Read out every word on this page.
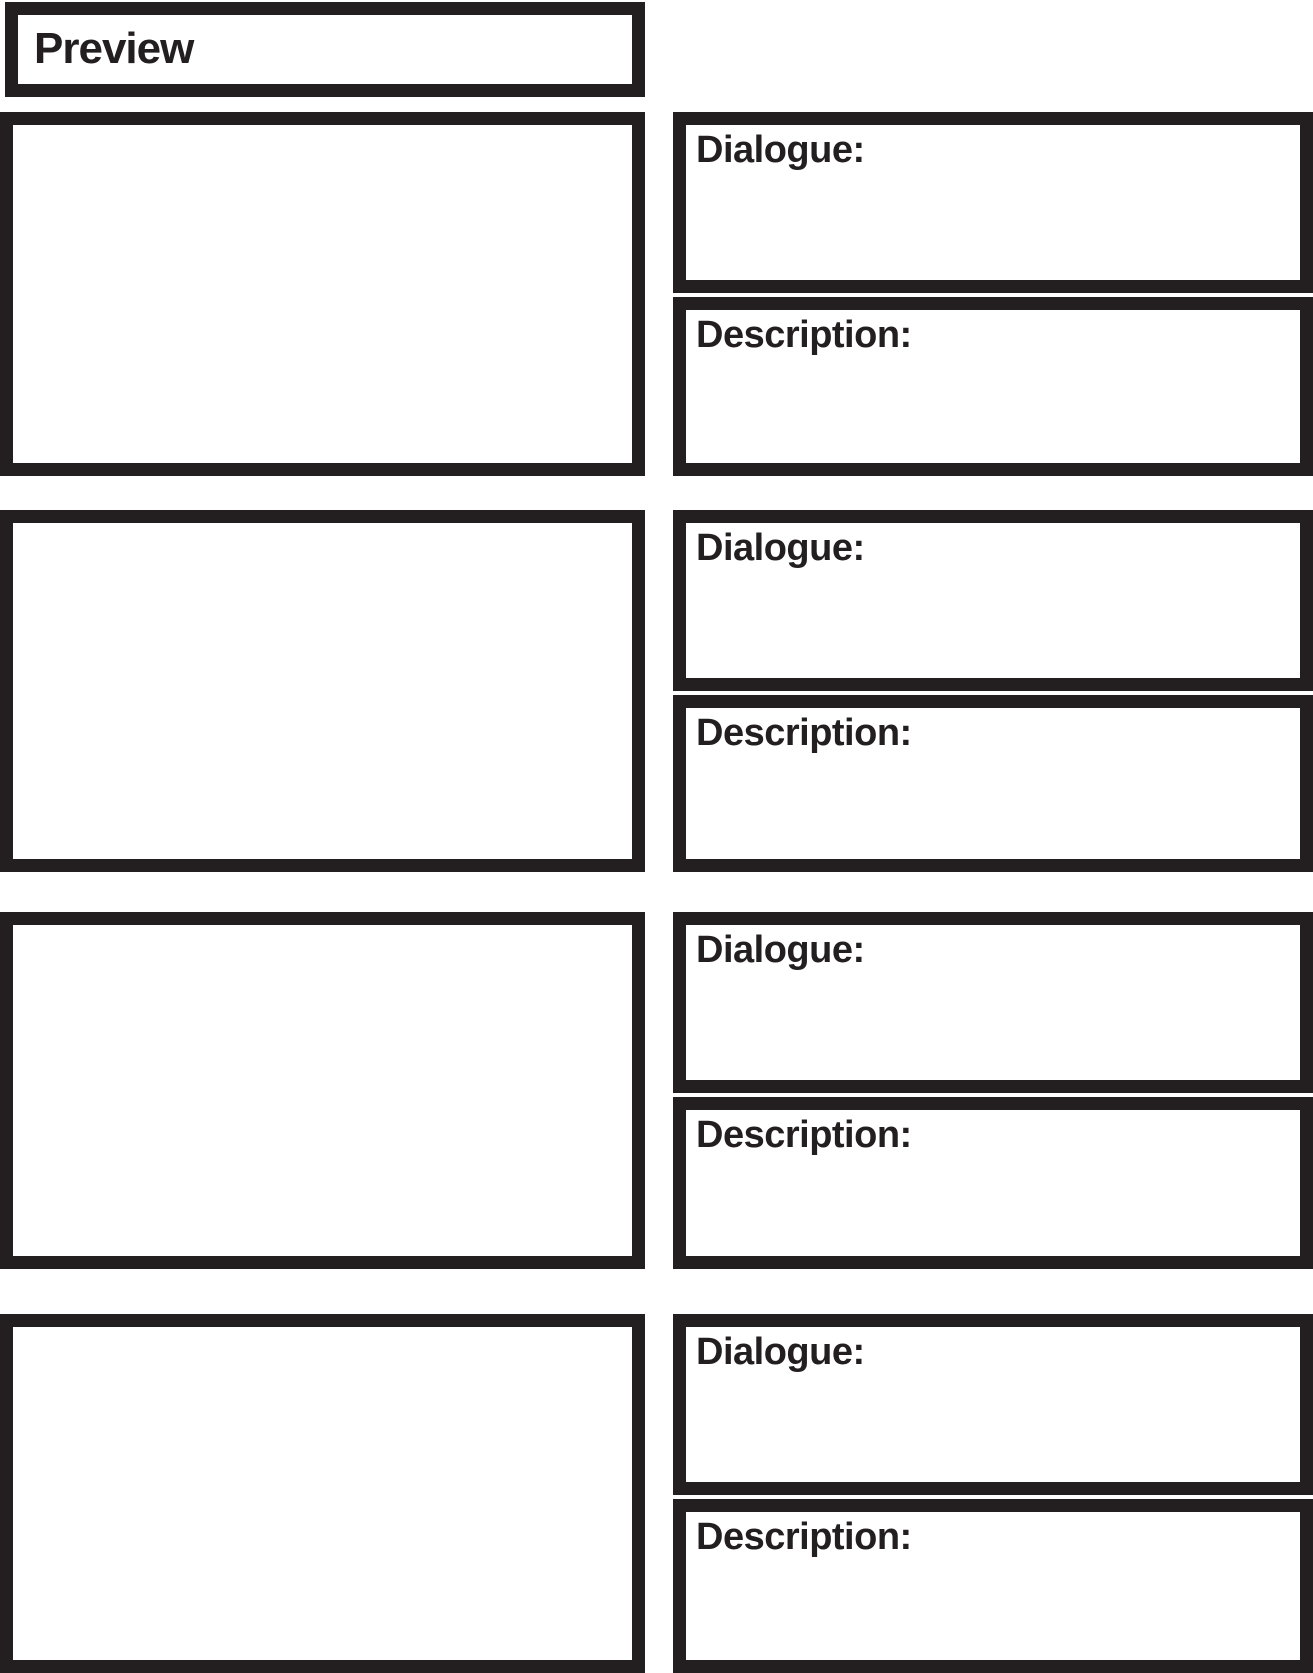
Preview
Dialogue:
Description:
Dialogue:
Description:
Dialogue:
Description:
Dialogue:
Description:
